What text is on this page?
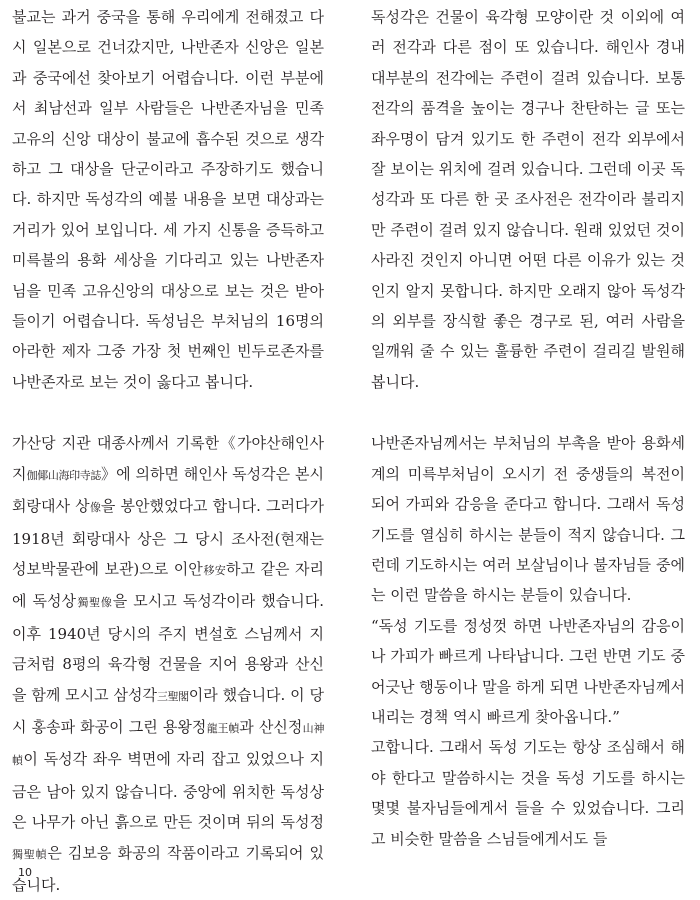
불교는 과거 중국을 통해 우리에게 전해졌고 다시 일본으로 건너갔지만, 나반존자 신앙은 일본과 중국에선 찾아보기 어렵습니다. 이런 부분에서 최남선과 일부 사람들은 나반존자님을 민족 고유의 신앙 대상이 불교에 흡수된 것으로 생각하고 그 대상을 단군이라고 주장하기도 했습니다. 하지만 독성각의 예불 내용을 보면 대상과는 거리가 있어 보입니다. 세 가지 신통을 증득하고 미륵불의 용화 세상을 기다리고 있는 나반존자님을 민족 고유신앙의 대상으로 보는 것은 받아들이기 어렵습니다. 독성님은 부처님의 16명의 아라한 제자 그중 가장 첫 번째인 빈두로존자를 나반존자로 보는 것이 옳다고 봅니다.

가산당 지관 대종사께서 기록한《가야산해인사지伽倻山海印寺誌》에 의하면 해인사 독성각은 본시 회랑대사 상像을 봉안했었다고 합니다. 그러다가 1918년 회랑대사 상은 그 당시 조사전(현재는 성보박물관에 보관)으로 이안移安하고 같은 자리에 독성상獨聖像을 모시고 독성각이라 했습니다. 이후 1940년 당시의 주지 변설호 스님께서 지금처럼 8평의 육각형 건물을 지어 용왕과 산신을 함께 모시고 삼성각三聖閣이라 했습니다. 이 당시 홍송파 화공이 그린 용왕정龍王幀과 산신정山神幀이 독성각 좌우 벽면에 자리 잡고 있었으나 지금은 남아 있지 않습니다. 중앙에 위치한 독성상은 나무가 아닌 흙으로 만든 것이며 뒤의 독성정獨聖幀은 김보응 화공의 작품이라고 기록되어 있습니다.

독성각은 건물이 육각형 모양이란 것 이외에 여러 전각과 다른 점이 또 있습니다. 해인사 경내 대부분의 전각에는 주련이 걸려 있습니다. 보통 전각의 품격을 높이는 경구나 찬탄하는 글 또는 좌우명이 담겨 있기도 한 주련이 전각 외부에서 잘 보이는 위치에 걸려 있습니다. 그런데 이곳 독성각과 또 다른 한 곳 조사전은 전각이라 불리지만 주련이 걸려 있지 않습니다. 원래 있었던 것이 사라진 것인지 아니면 어떤 다른 이유가 있는 것인지 알지 못합니다. 하지만 오래지 않아 독성각의 외부를 장식할 좋은 경구로 된, 여러 사람을 일깨워 줄 수 있는 훌륭한 주련이 걸리길 발원해 봅니다.

나반존자님께서는 부처님의 부촉을 받아 용화세계의 미륵부처님이 오시기 전 중생들의 복전이 되어 가피와 감응을 준다고 합니다. 그래서 독성 기도를 열심히 하시는 분들이 적지 않습니다. 그런데 기도하시는 여러 보살님이나 불자님들 중에는 이런 말씀을 하시는 분들이 있습니다.

“독성 기도를 정성껏 하면 나반존자님의 감응이나 가피가 빠르게 나타납니다. 그런 반면 기도 중 어긋난 행동이나 말을 하게 되면 나반존자님께서 내리는 경책 역시 빠르게 찾아옵니다.”

고합니다. 그래서 독성 기도는 항상 조심해서 해야 한다고 말씀하시는 것을 독성 기도를 하시는 몇몇 불자님들에게서 들을 수 있었습니다. 그리고 비슷한 말씀을 스님들에게서도 들

10
